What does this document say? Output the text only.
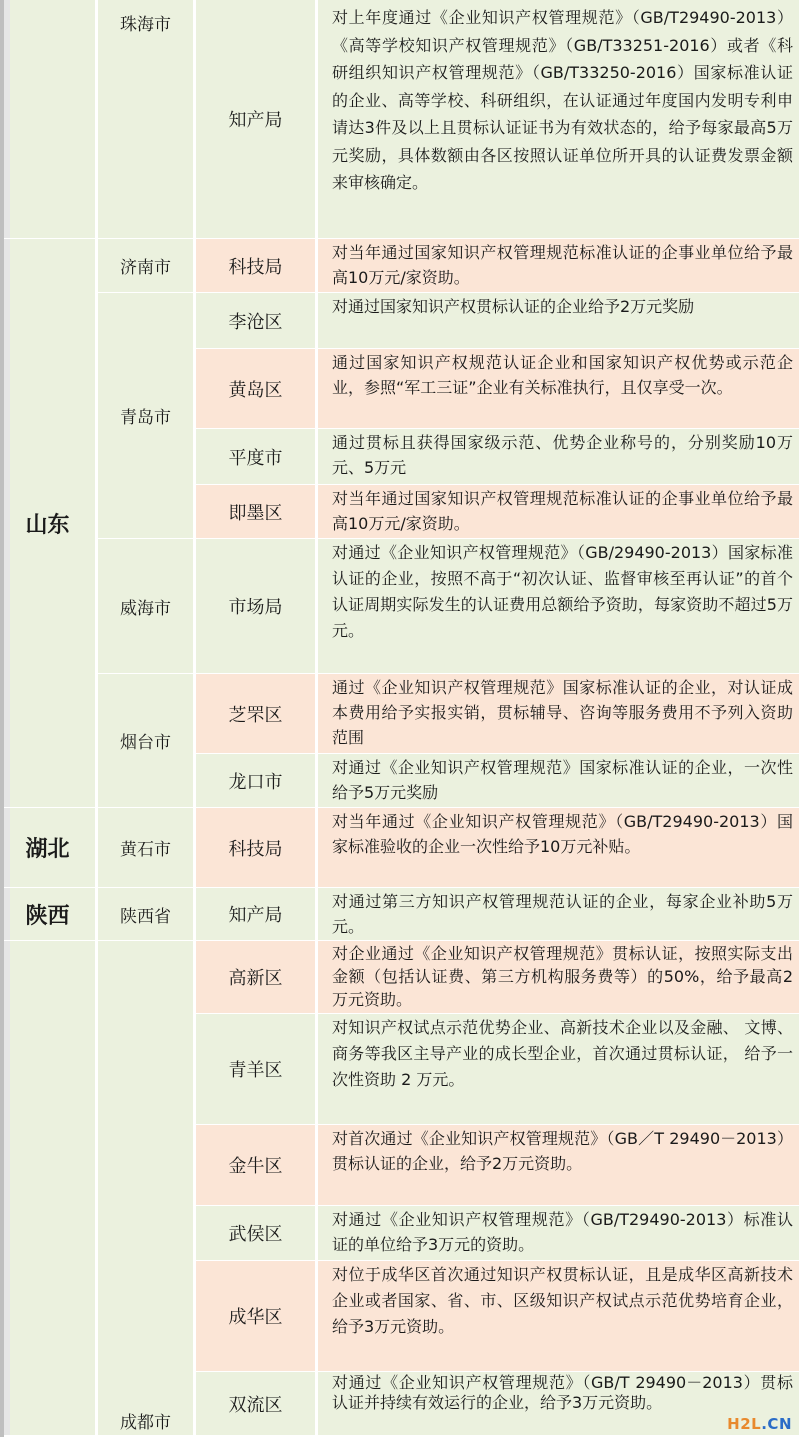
山东
湖北
陕西
珠海市
济南市
青岛市
威海市
烟台市
黄石市
陕西省
成都市
知产局
科技局
李沧区
黄岛区
平度市
即墨区
市场局
芝罘区
龙口市
科技局
知产局
高新区
青羊区
金牛区
武侯区
成华区
双流区
对上年度通过《企业知识产权管理规范》（GB/T29490-2013）《高等学校知识产权管理规范》（GB/T33251-2016）或者《科研组织知识产权管理规范》（GB/T33250-2016）国家标准认证的企业、高等学校、科研组织，在认证通过年度国内发明专利申请达3件及以上且贯标认证证书为有效状态的，给予每家最高5万元奖励，具体数额由各区按照认证单位所开具的认证费发票金额来审核确定。
对当年通过国家知识产权管理规范标准认证的企事业单位给予最高10万元/家资助。
对通过国家知识产权贯标认证的企业给予2万元奖励
通过国家知识产权规范认证企业和国家知识产权优势或示范企业，参照“军工三证”企业有关标准执行，且仅享受一次。
通过贯标且获得国家级示范、优势企业称号的，分别奖励10万元、5万元
对当年通过国家知识产权管理规范标准认证的企事业单位给予最高10万元/家资助。
对通过《企业知识产权管理规范》（GB/29490-2013）国家标准认证的企业，按照不高于“初次认证、监督审核至再认证”的首个认证周期实际发生的认证费用总额给予资助，每家资助不超过5万元。
通过《企业知识产权管理规范》国家标准认证的企业，对认证成本费用给予实报实销，贯标辅导、咨询等服务费用不予列入资助范围
对通过《企业知识产权管理规范》国家标准认证的企业，一次性给予5万元奖励
对当年通过《企业知识产权管理规范》（GB/T29490-2013）国家标准验收的企业一次性给予10万元补贴。
对通过第三方知识产权管理规范认证的企业，每家企业补助5万元。
对企业通过《企业知识产权管理规范》贯标认证，按照实际支出金额（包括认证费、第三方机构服务费等）的50%，给予最高2万元资助。
对知识产权试点示范优势企业、高新技术企业以及金融、 文博、商务等我区主导产业的成长型企业，首次通过贯标认证， 给予一次性资助 2 万元。
对首次通过《企业知识产权管理规范》（GB／T 29490－2013）贯标认证的企业，给予2万元资助。
对通过《企业知识产权管理规范》（GB/T29490-2013）标准认证的单位给予3万元的资助。
对位于成华区首次通过知识产权贯标认证，且是成华区高新技术企业或者国家、省、市、区级知识产权试点示范优势培育企业，给予3万元资助。
对通过《企业知识产权管理规范》（GB/T 29490－2013）贯标认证并持续有效运行的企业，给予3万元资助。
H2L.CN
